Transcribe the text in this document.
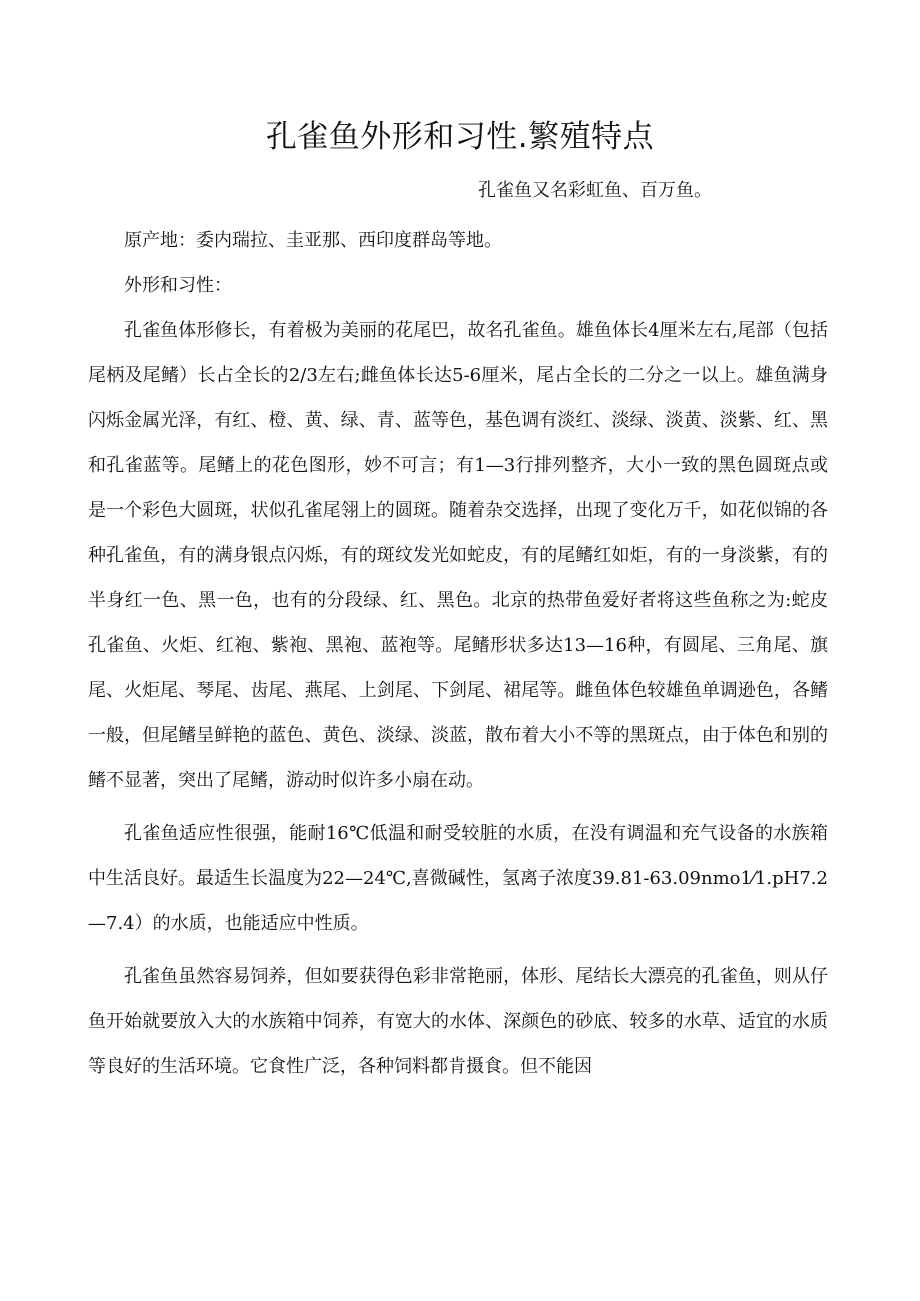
孔雀鱼外形和习性.繁殖特点
孔雀鱼又名彩虹鱼、百万鱼。

原产地：委内瑞拉、圭亚那、西印度群岛等地。

外形和习性：

孔雀鱼体形修长，有着极为美丽的花尾巴，故名孔雀鱼。雄鱼体长4厘米左右,尾部（包括尾柄及尾鳍）长占全长的2/3左右;雌鱼体长达5-6厘米，尾占全长的二分之一以上。雄鱼满身闪烁金属光泽，有红、橙、黄、绿、青、蓝等色，基色调有淡红、淡绿、淡黄、淡紫、红、黑和孔雀蓝等。尾鳍上的花色图形，妙不可言；有1—3行排列整齐，大小一致的黑色圆斑点或是一个彩色大圆斑，状似孔雀尾翎上的圆斑。随着杂交选择，出现了变化万千，如花似锦的各种孔雀鱼，有的满身银点闪烁，有的斑纹发光如蛇皮，有的尾鳍红如炬，有的一身淡紫，有的半身红一色、黑一色，也有的分段绿、红、黑色。北京的热带鱼爱好者将这些鱼称之为:蛇皮孔雀鱼、火炬、红袍、紫袍、黑袍、蓝袍等。尾鳍形状多达13—16种，有圆尾、三角尾、旗尾、火炬尾、琴尾、齿尾、燕尾、上剑尾、下剑尾、裙尾等。雌鱼体色较雄鱼单调逊色，各鳍一般，但尾鳍呈鲜艳的蓝色、黄色、淡绿、淡蓝，散布着大小不等的黑斑点，由于体色和别的鳍不显著，突出了尾鳍，游动时似许多小扇在动。

孔雀鱼适应性很强，能耐16℃低温和耐受较脏的水质，在没有调温和充气设备的水族箱中生活良好。最适生长温度为22—24℃,喜微碱性，氢离子浓度39.81-63.09nmo1⁄1.pH7.2—7.4）的水质，也能适应中性质。

孔雀鱼虽然容易饲养，但如要获得色彩非常艳丽，体形、尾结长大漂亮的孔雀鱼，则从仔鱼开始就要放入大的水族箱中饲养，有宽大的水体、深颜色的砂底、较多的水草、适宜的水质等良好的生活环境。它食性广泛，各种饲料都肯摄食。但不能因
